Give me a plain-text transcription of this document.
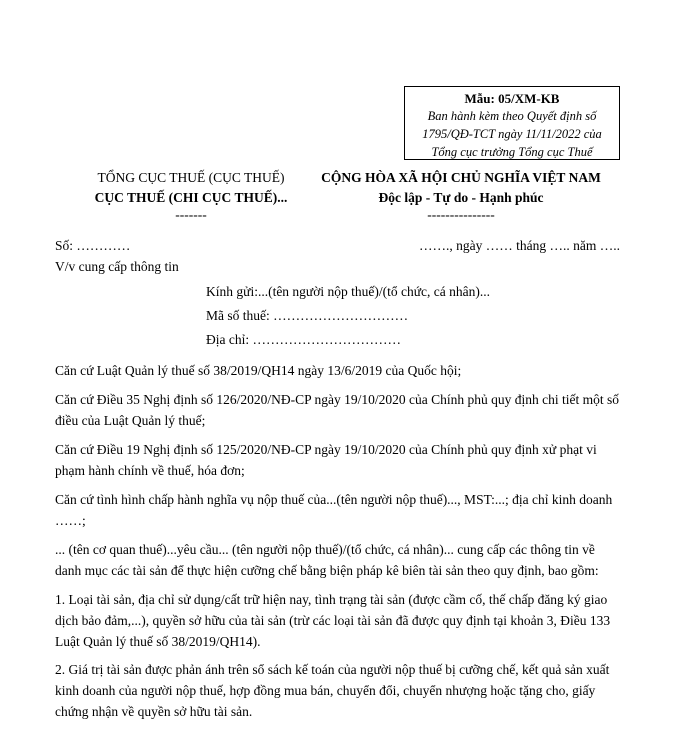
Mẫu: 05/XM-KB
Ban hành kèm theo Quyết định số
1795/QĐ-TCT ngày 11/11/2022 của
Tổng cục trưởng Tổng cục Thuế
TỔNG CỤC THUẾ (CỤC THUẾ)
CỤC THUẾ (CHI CỤC THUẾ)...
-------
CỘNG HÒA XÃ HỘI CHỦ NGHĨA VIỆT NAM
Độc lập - Tự do - Hạnh phúc
---------------
Số: …………	……., ngày …… tháng ….. năm …..
V/v cung cấp thông tin
Kính gửi:...(tên người nộp thuế)/(tổ chức, cá nhân)...
Mã số thuế: …………………………
Địa chỉ: ……………………………

Căn cứ Luật Quản lý thuế số 38/2019/QH14 ngày 13/6/2019 của Quốc hội;

Căn cứ Điều 35 Nghị định số 126/2020/NĐ-CP ngày 19/10/2020 của Chính phủ quy định chi tiết một số điều của Luật Quản lý thuế;

Căn cứ Điều 19 Nghị định số 125/2020/NĐ-CP ngày 19/10/2020 của Chính phủ quy định xử phạt vi phạm hành chính về thuế, hóa đơn;

Căn cứ tình hình chấp hành nghĩa vụ nộp thuế của...(tên người nộp thuế)..., MST:...; địa chỉ kinh doanh ……;

... (tên cơ quan thuế)...yêu cầu... (tên người nộp thuế)/(tổ chức, cá nhân)... cung cấp các thông tin về danh mục các tài sản để thực hiện cưỡng chế bằng biện pháp kê biên tài sản theo quy định, bao gồm:

1. Loại tài sản, địa chỉ sử dụng/cất trữ hiện nay, tình trạng tài sản (được cầm cố, thế chấp đăng ký giao dịch bảo đảm,...), quyền sở hữu của tài sản (trừ các loại tài sản đã được quy định tại khoản 3, Điều 133 Luật Quản lý thuế số 38/2019/QH14).

2. Giá trị tài sản được phản ánh trên sổ sách kế toán của người nộp thuế bị cưỡng chế, kết quả sản xuất kinh doanh của người nộp thuế, hợp đồng mua bán, chuyển đổi, chuyển nhượng hoặc tặng cho, giấy chứng nhận về quyền sở hữu tài sản.
